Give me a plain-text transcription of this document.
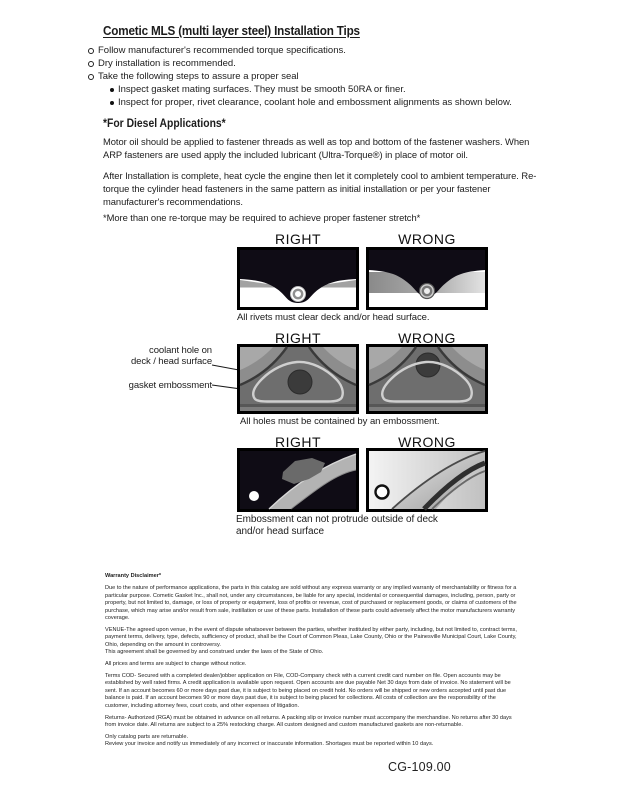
Cometic MLS (multi layer steel) Installation Tips
Follow manufacturer's recommended torque specifications.
Dry installation is recommended.
Take the following steps to assure a proper seal
Inspect gasket mating surfaces. They must be smooth 50RA or finer.
Inspect for proper, rivet clearance, coolant hole and embossment alignments as shown below.
*For Diesel Applications*
Motor oil should be applied to fastener threads as well as top and bottom of the fastener washers. When ARP fasteners are used apply the included lubricant (Ultra-Torque®) in place of motor oil.
After Installation is complete, heat cycle the engine then let it completely cool to ambient temperature. Re-torque the cylinder head fasteners in the same pattern as initial installation or per your fastener manufacturer's recommendations.
*More than one re-torque may be required to achieve proper fastener stretch*
RIGHT	WRONG
All rivets must clear deck and/or head surface.
RIGHT	WRONG
coolant hole on
deck / head surface
gasket embossment
All holes must be contained by an embossment.
RIGHT	WRONG
Embossment can not protrude outside of deck and/or head surface
Warranty Disclaimer*

Due to the nature of performance applications, the parts in this catalog are sold without any express warranty or any implied warranty of merchantability or fitness for a particular purpose. Cometic Gasket Inc., shall not, under any circumstances, be liable for any special, incidental or consequential damages, including, person, party or property, but not limited to, damage, or loss of property or equipment, loss of profits or revenue, cost of purchased or replacement goods, or claims of customers of the purchase, which may arise and/or result from sale, instillation or use of these parts. Installation of these parts could adversely affect the motor manufacturers warranty coverage.

VENUE-The agreed upon venue, in the event of dispute whatsoever between the parties, whether instituted by either party, including, but not limited to, contract terms, payment terms, delivery, type, defects, sufficiency of product, shall be the Court of Common Pleas, Lake County, Ohio or the Painesville Municipal Court, Lake County, Ohio, depending on the amount in controversy.

This agreement shall be governed by and construed under the laws of the State of Ohio.

All prices and terms are subject to change without notice.

Terms COD- Secured with a completed dealer/jobber application on File, COD-Company check with a current credit card number on file. Open accounts may be established by well rated firms. A credit application is available upon request. Open accounts are due payable Net 30 days from date of invoice. No statement will be sent. If an account becomes 60 or more days past due, it is subject to being placed on credit hold. No orders will be shipped or new orders accepted until past due balance is paid. If an account becomes 90 or more days past due, it is subject to being placed for collections. All costs of collection are the responsibility of the customer, including attorney fees, court costs, and other expenses of litigation.

Returns- Authorized (RGA) must be obtained in advance on all returns. A packing slip or invoice number must accompany the merchandise. No returns after 30 days from invoice date. All returns are subject to a 25% restocking charge. All custom designed and custom manufactured gaskets are non-returnable.

Only catalog parts are returnable.

Review your invoice and notify us immediately of any incorrect or inaccurate information. Shortages must be reported within 10 days.

CG-109.00
